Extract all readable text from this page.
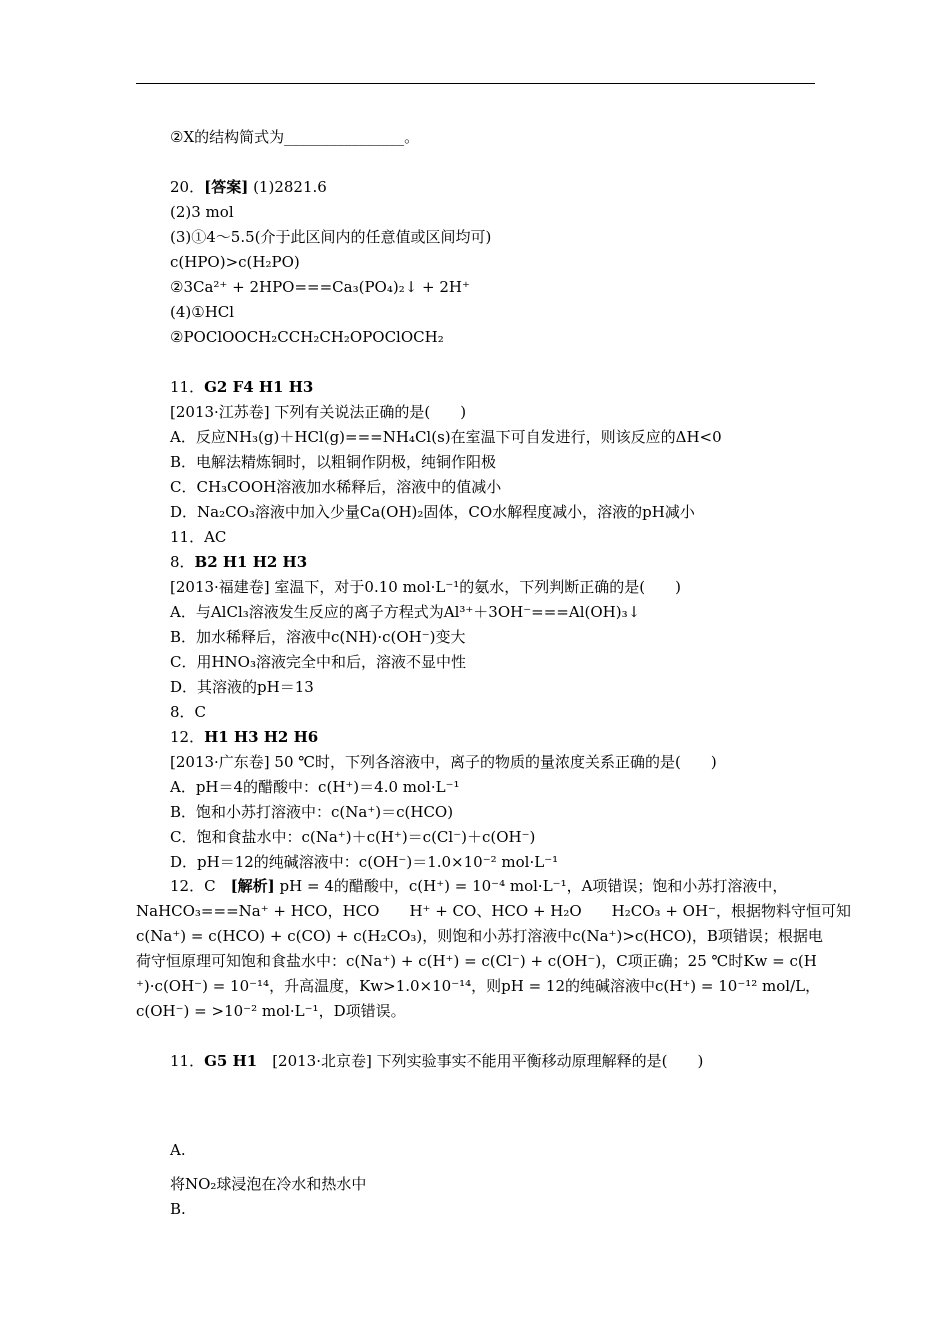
②X的结构简式为________________。
20．[答案] (1)2821.6
(2)3 mol
(3)①4～5.5(介于此区间内的任意值或区间均可)
c(HPO)>c(H₂PO)
②3Ca²⁺ + 2HPO===Ca₃(PO₄)₂↓ + 2H⁺
(4)①HCl
②POClOOCH₂CCH₂CH₂OPOClOCH₂
11．G2 F4 H1 H3
[2013·江苏卷] 下列有关说法正确的是(　　)
A．反应NH₃(g)＋HCl(g)===NH₄Cl(s)在室温下可自发进行，则该反应的ΔH<0
B．电解法精炼铜时，以粗铜作阴极，纯铜作阳极
C．CH₃COOH溶液加水稀释后，溶液中的值减小
D．Na₂CO₃溶液中加入少量Ca(OH)₂固体，CO水解程度减小，溶液的pH减小
11．AC
8．B2 H1 H2 H3
[2013·福建卷] 室温下，对于0.10 mol·L⁻¹的氨水，下列判断正确的是(　　)
A．与AlCl₃溶液发生反应的离子方程式为Al³⁺＋3OH⁻===Al(OH)₃↓
B．加水稀释后，溶液中c(NH)·c(OH⁻)变大
C．用HNO₃溶液完全中和后，溶液不显中性
D．其溶液的pH＝13
8．C
12．H1 H3 H2 H6
[2013·广东卷] 50 ℃时，下列各溶液中，离子的物质的量浓度关系正确的是(　　)
A．pH＝4的醋酸中：c(H⁺)＝4.0 mol·L⁻¹
B．饱和小苏打溶液中：c(Na⁺)＝c(HCO)
C．饱和食盐水中：c(Na⁺)＋c(H⁺)＝c(Cl⁻)＋c(OH⁻)
D．pH＝12的纯碱溶液中：c(OH⁻)＝1.0×10⁻² mol·L⁻¹
12．C　[解析] pH = 4的醋酸中，c(H⁺) = 10⁻⁴ mol·L⁻¹，A项错误；饱和小苏打溶液中，
NaHCO₃===Na⁺ + HCO，HCO　　H⁺ + CO、HCO + H₂O　　H₂CO₃ + OH⁻，根据物料守恒可知
c(Na⁺) = c(HCO) + c(CO) + c(H₂CO₃)，则饱和小苏打溶液中c(Na⁺)>c(HCO)，B项错误；根据电
荷守恒原理可知饱和食盐水中：c(Na⁺) + c(H⁺) = c(Cl⁻) + c(OH⁻)，C项正确；25 ℃时Kw = c(H
⁺)·c(OH⁻) = 10⁻¹⁴，升高温度，Kw>1.0×10⁻¹⁴，则pH = 12的纯碱溶液中c(H⁺) = 10⁻¹² mol/L，
c(OH⁻) = >10⁻² mol·L⁻¹，D项错误。
11．G5 H1　[2013·北京卷] 下列实验事实不能用平衡移动原理解释的是(　　)
A.
将NO₂球浸泡在冷水和热水中
B.
